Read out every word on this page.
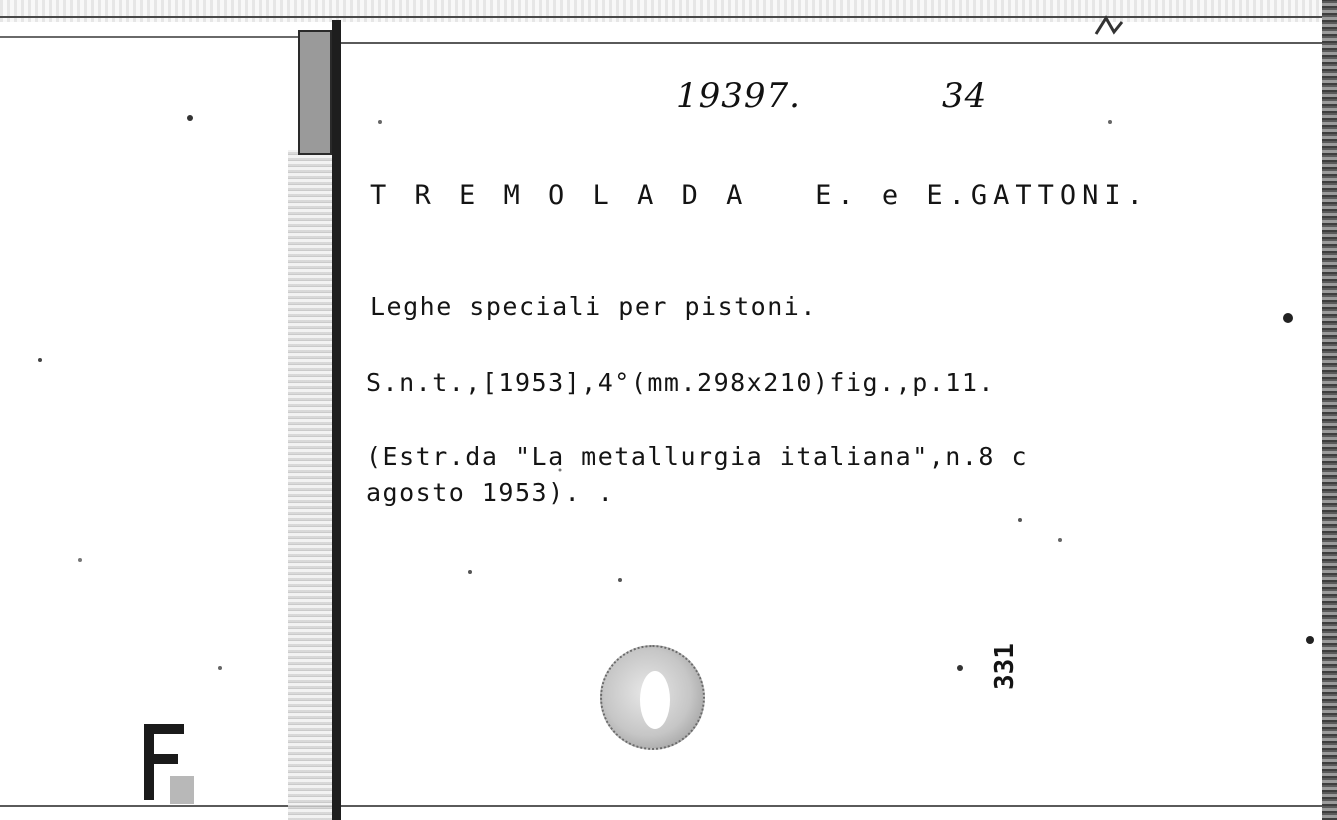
19397.	34
T R E M O L A D A   E. e E.GATTONI.
Leghe speciali per pistoni.
S.n.t.,[1953],4°(mm.298x210)fig.,p.11.
(Estr.da "La metallurgia italiana",n.8 c
agosto 1953). .
331
